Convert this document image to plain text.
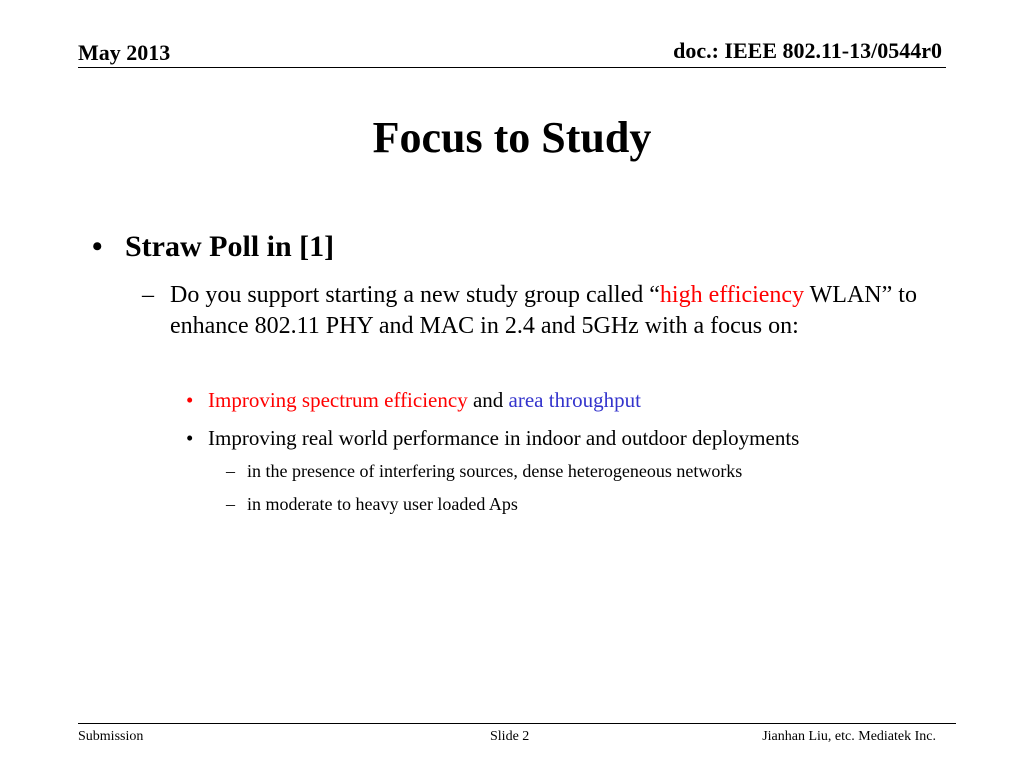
May 2013	doc.: IEEE 802.11-13/0544r0
Focus to Study
• Straw Poll in [1]
– Do you support starting a new study group called “high efficiency WLAN” to enhance 802.11 PHY and MAC in 2.4 and 5GHz with a focus on:
• Improving spectrum efficiency and area throughput
• Improving real world performance in indoor and outdoor deployments
– in the presence of interfering sources, dense heterogeneous networks
– in moderate to heavy user loaded Aps
Submission	Slide 2	Jianhan Liu, etc. Mediatek Inc.
